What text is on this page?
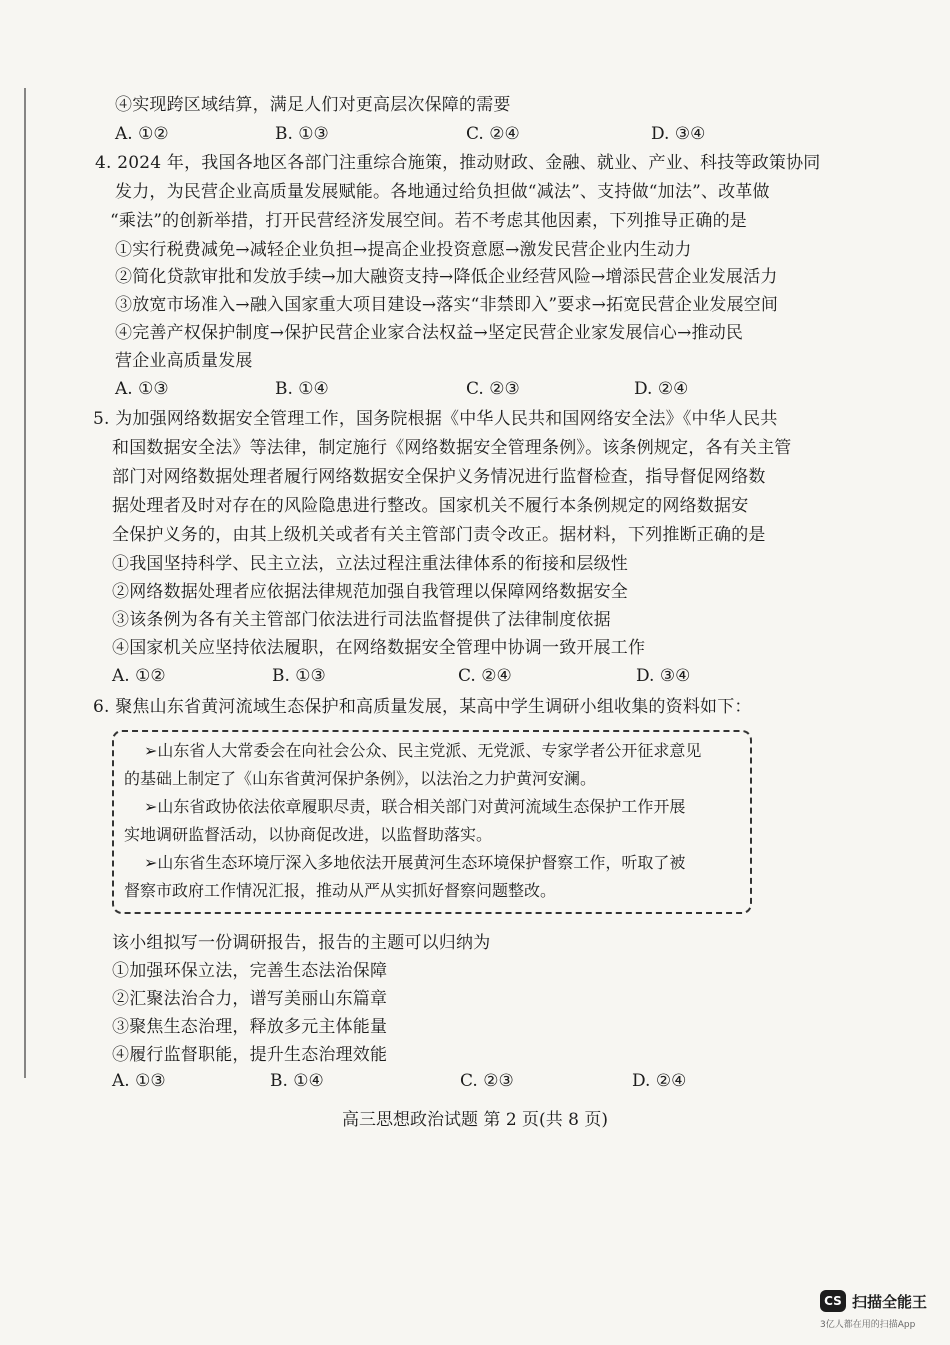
④实现跨区域结算，满足人们对更高层次保障的需要
A. ①②	B. ①③	C. ②④	D. ③④
4. 2024 年，我国各地区各部门注重综合施策，推动财政、金融、就业、产业、科技等政策协同
发力，为民营企业高质量发展赋能。各地通过给负担做“减法”、支持做“加法”、改革做
“乘法”的创新举措，打开民营经济发展空间。若不考虑其他因素，下列推导正确的是
①实行税费减免→减轻企业负担→提高企业投资意愿→激发民营企业内生动力
②简化贷款审批和发放手续→加大融资支持→降低企业经营风险→增添民营企业发展活力
③放宽市场准入→融入国家重大项目建设→落实“非禁即入”要求→拓宽民营企业发展空间
④完善产权保护制度→保护民营企业家合法权益→坚定民营企业家发展信心→推动民
营企业高质量发展
A. ①③	B. ①④	C. ②③	D. ②④
5. 为加强网络数据安全管理工作，国务院根据《中华人民共和国网络安全法》《中华人民共
和国数据安全法》等法律，制定施行《网络数据安全管理条例》。该条例规定，各有关主管
部门对网络数据处理者履行网络数据安全保护义务情况进行监督检查，指导督促网络数
据处理者及时对存在的风险隐患进行整改。国家机关不履行本条例规定的网络数据安
全保护义务的，由其上级机关或者有关主管部门责令改正。据材料，下列推断正确的是
①我国坚持科学、民主立法，立法过程注重法律体系的衔接和层级性
②网络数据处理者应依据法律规范加强自我管理以保障网络数据安全
③该条例为各有关主管部门依法进行司法监督提供了法律制度依据
④国家机关应坚持依法履职，在网络数据安全管理中协调一致开展工作
A. ①②	B. ①③	C. ②④	D. ③④
6. 聚焦山东省黄河流域生态保护和高质量发展，某高中学生调研小组收集的资料如下：
➢山东省人大常委会在向社会公众、民主党派、无党派、专家学者公开征求意见
的基础上制定了《山东省黄河保护条例》，以法治之力护黄河安澜。
➢山东省政协依法依章履职尽责，联合相关部门对黄河流域生态保护工作开展
实地调研监督活动，以协商促改进，以监督助落实。
➢山东省生态环境厅深入多地依法开展黄河生态环境保护督察工作，听取了被
督察市政府工作情况汇报，推动从严从实抓好督察问题整改。
该小组拟写一份调研报告，报告的主题可以归纳为
①加强环保立法，完善生态法治保障
②汇聚法治合力，谱写美丽山东篇章
③聚焦生态治理，释放多元主体能量
④履行监督职能，提升生态治理效能
A. ①③	B. ①④	C. ②③	D. ②④
高三思想政治试题 第 2 页(共 8 页)
CS 扫描全能王
3亿人都在用的扫描App
